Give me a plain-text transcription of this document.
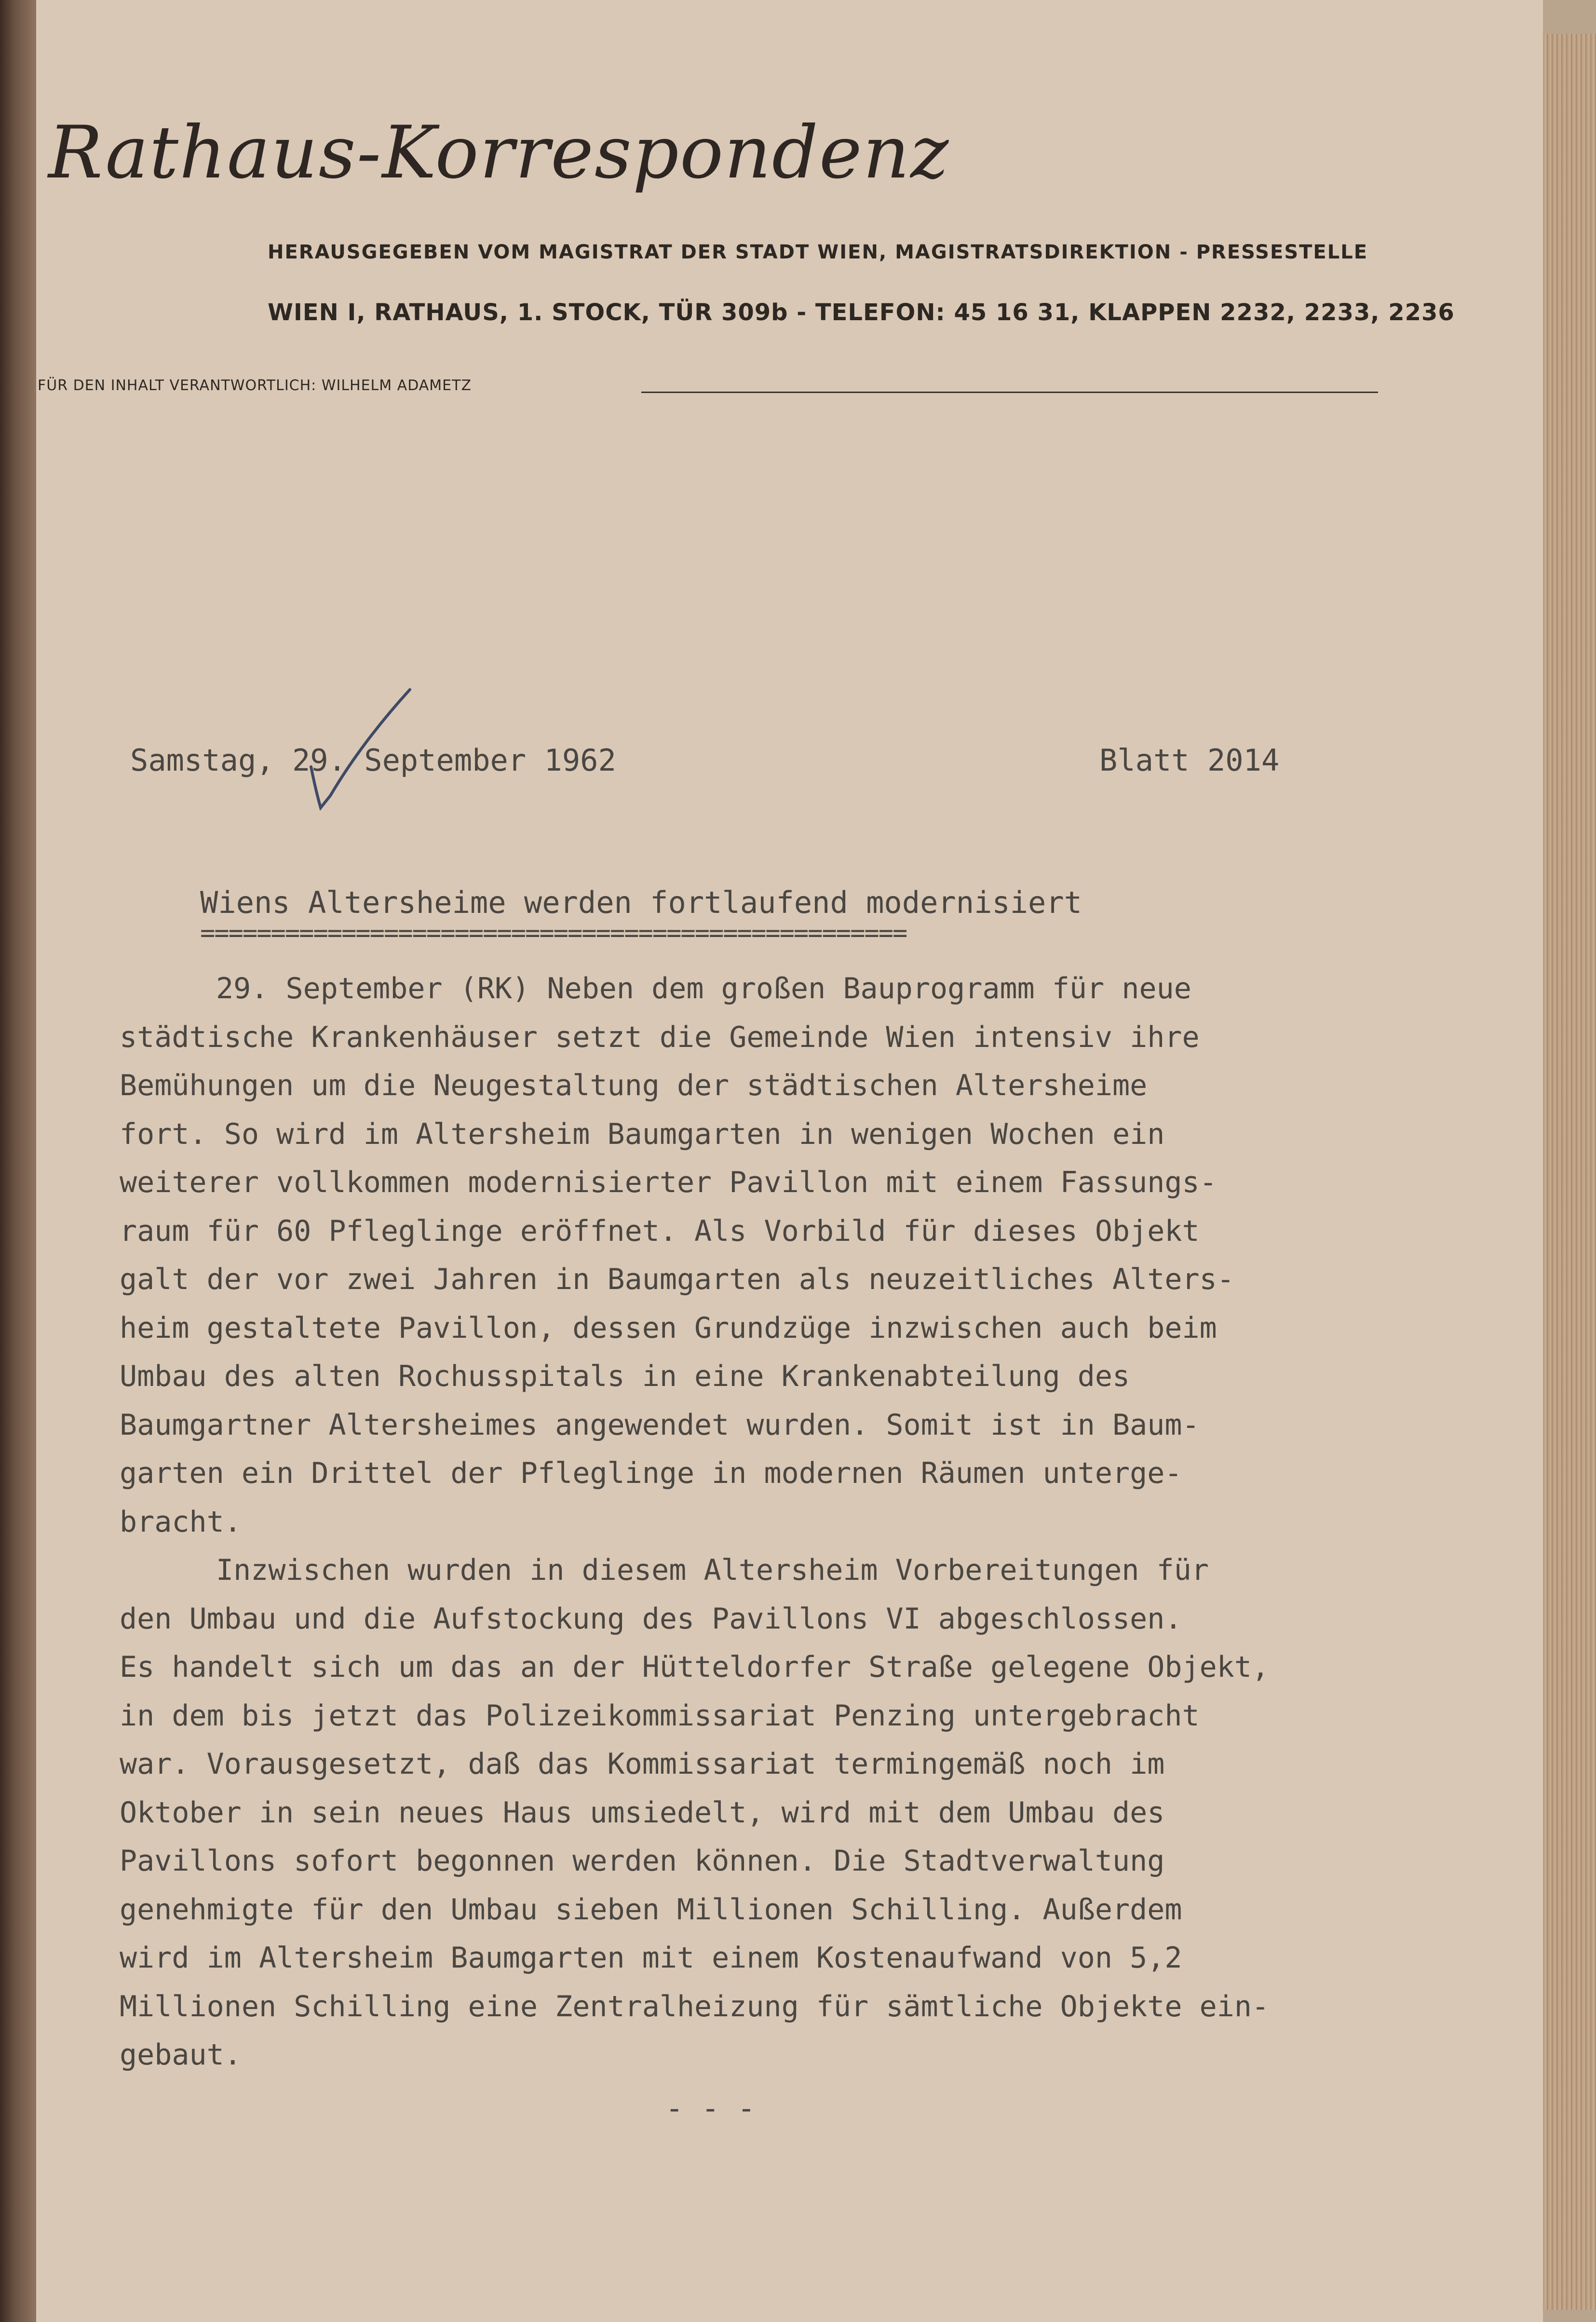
Rathaus-Korrespondenz

HERAUSGEGEBEN VOM MAGISTRAT DER STADT WIEN, MAGISTRATSDIREKTION - PRESSESTELLE

WIEN I, RATHAUS, 1. STOCK, TÜR 309b - TELEFON: 45 16 31, KLAPPEN 2232, 2233, 2236

FÜR DEN INHALT VERANTWORTLICH: WILHELM ADAMETZ

Samstag, 29. September 1962	Blatt 2014

Wiens Altersheime werden fortlaufend modernisiert

==================================================

29. September (RK) Neben dem großen Bauprogramm für neue
städtische Krankenhäuser setzt die Gemeinde Wien intensiv ihre
Bemühungen um die Neugestaltung der städtischen Altersheime
fort. So wird im Altersheim Baumgarten in wenigen Wochen ein
weiterer vollkommen modernisierter Pavillon mit einem Fassungs-
raum für 60 Pfleglinge eröffnet. Als Vorbild für dieses Objekt
galt der vor zwei Jahren in Baumgarten als neuzeitliches Alters-
heim gestaltete Pavillon, dessen Grundzüge inzwischen auch beim
Umbau des alten Rochusspitals in eine Krankenabteilung des
Baumgartner Altersheimes angewendet wurden. Somit ist in Baum-
garten ein Drittel der Pfleglinge in modernen Räumen unterge-
bracht.
Inzwischen wurden in diesem Altersheim Vorbereitungen für
den Umbau und die Aufstockung des Pavillons VI abgeschlossen.
Es handelt sich um das an der Hütteldorfer Straße gelegene Objekt,
in dem bis jetzt das Polizeikommissariat Penzing untergebracht
war. Vorausgesetzt, daß das Kommissariat termingemäß noch im
Oktober in sein neues Haus umsiedelt, wird mit dem Umbau des
Pavillons sofort begonnen werden können. Die Stadtverwaltung
genehmigte für den Umbau sieben Millionen Schilling. Außerdem
wird im Altersheim Baumgarten mit einem Kostenaufwand von 5,2
Millionen Schilling eine Zentralheizung für sämtliche Objekte ein-
gebaut.

- - -
